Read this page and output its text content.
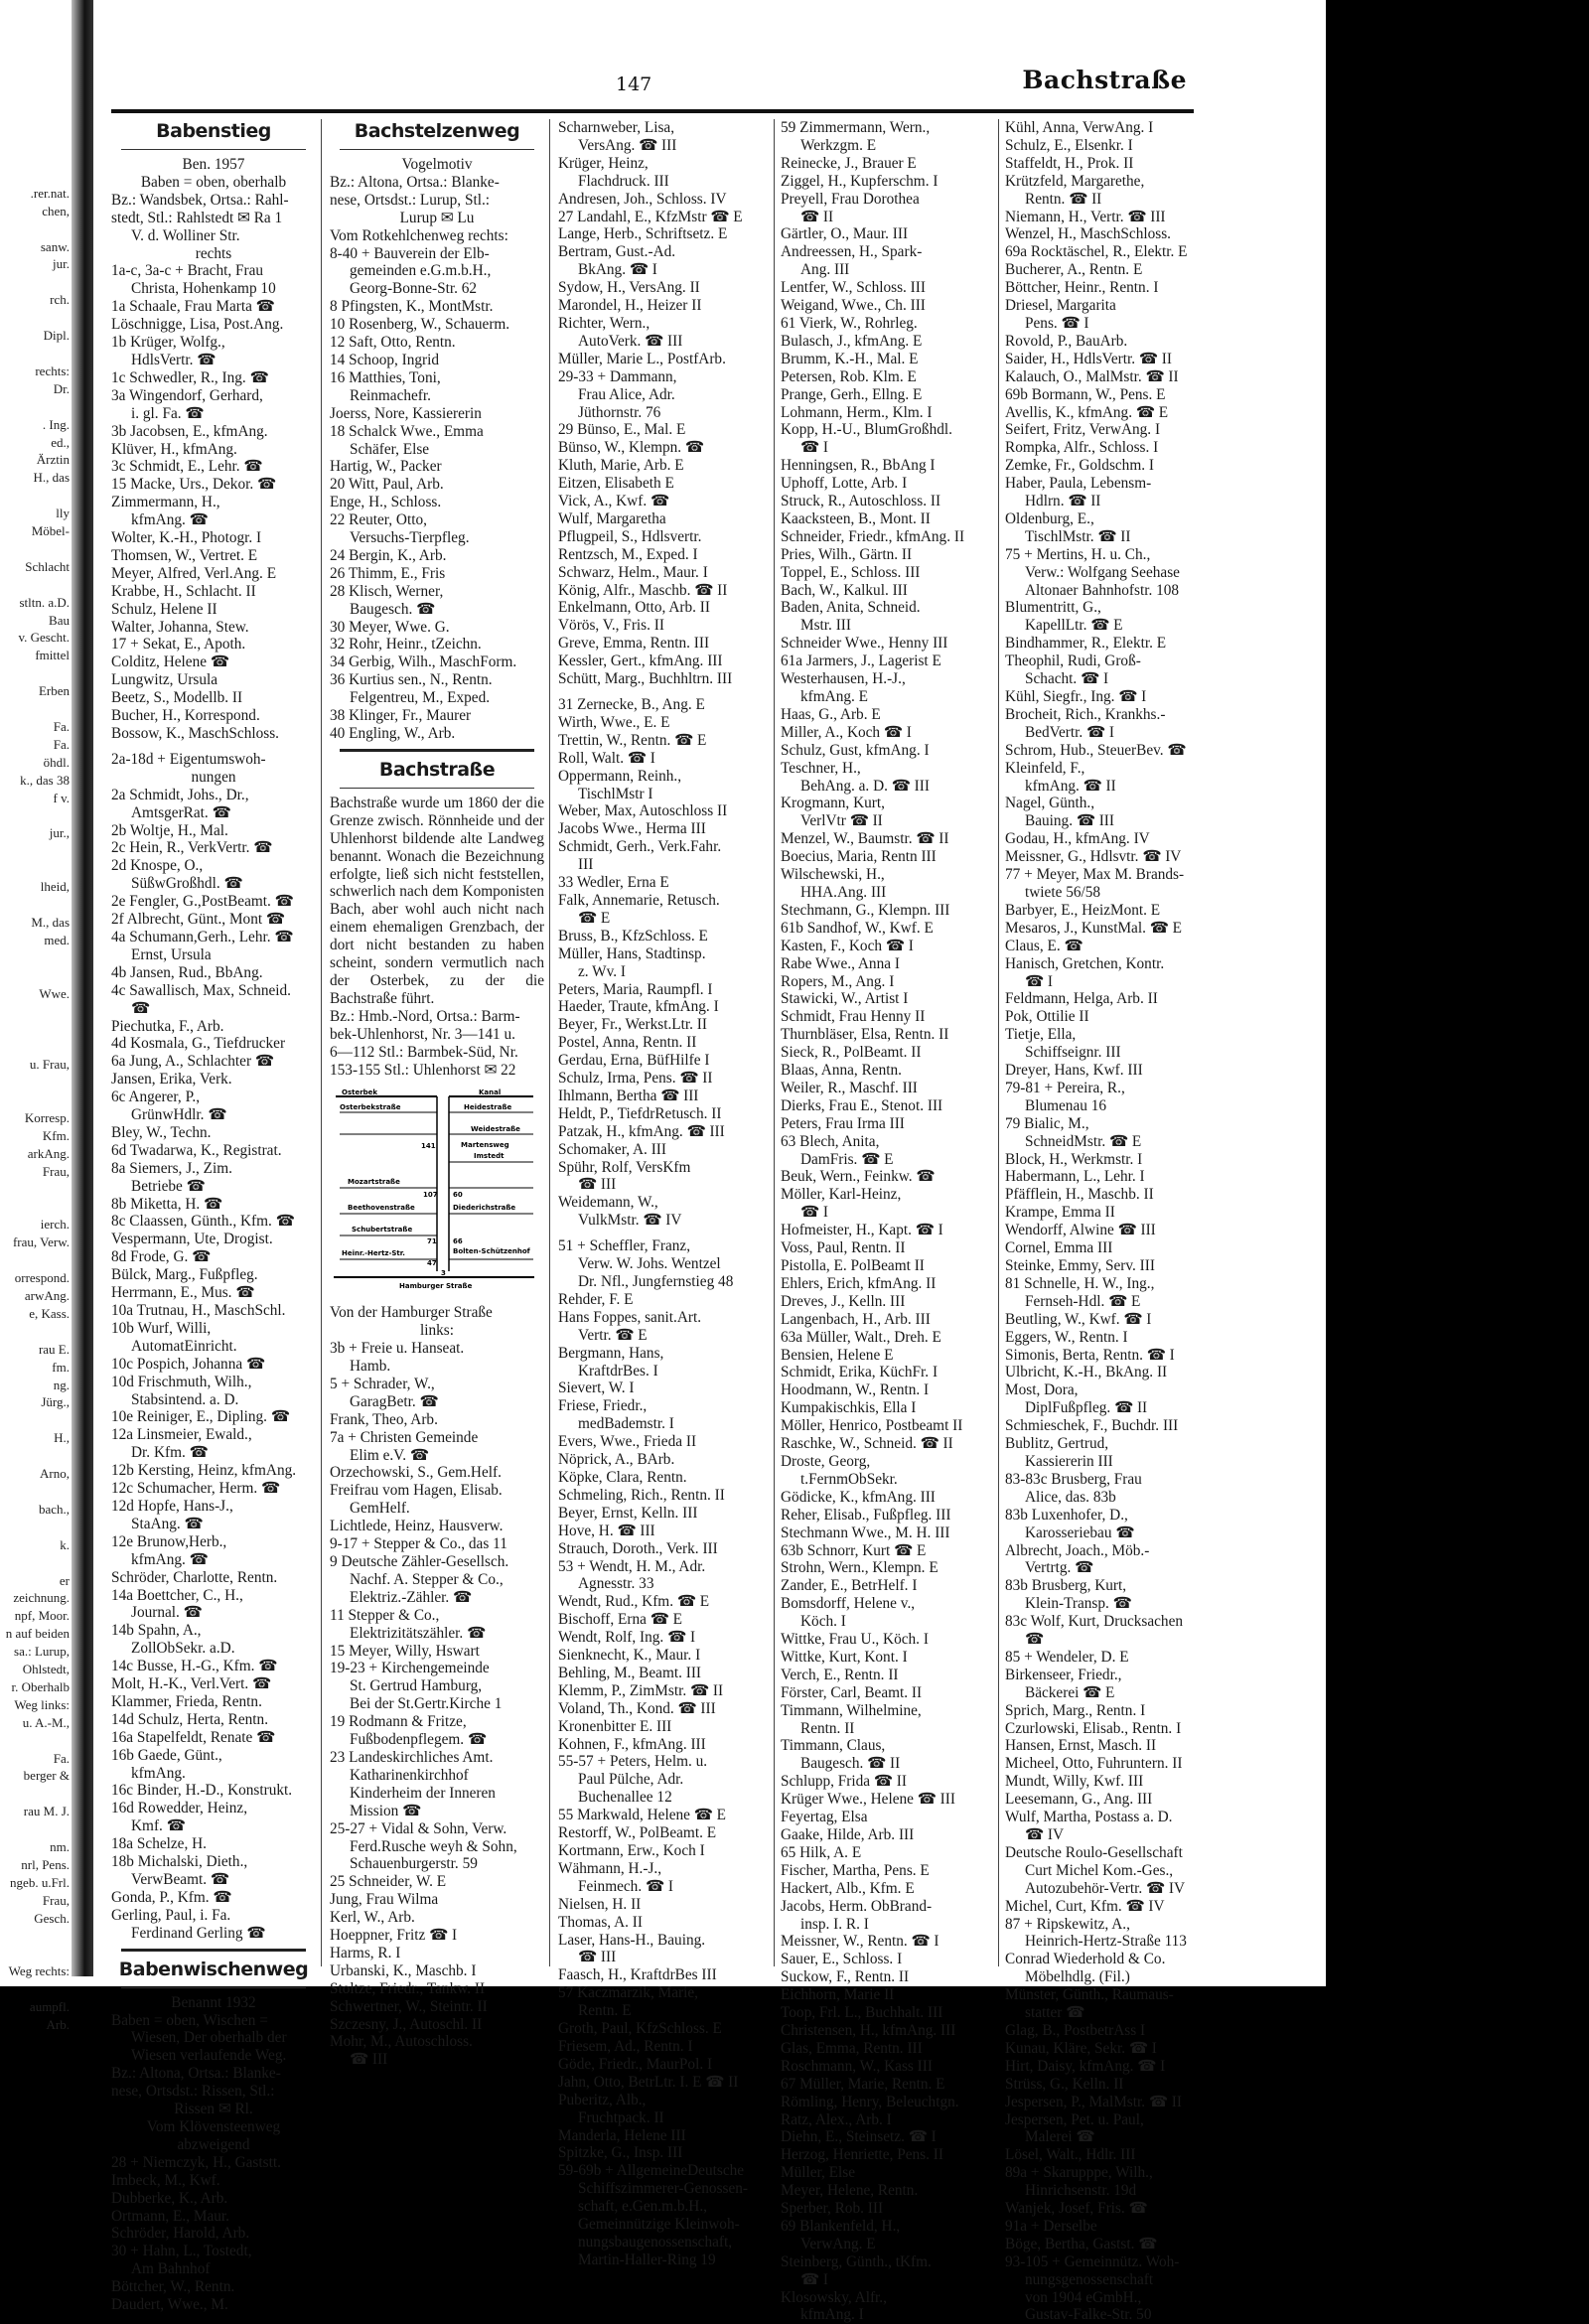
.rer.nat.
chen,

sanw.
jur.

rch.

Dipl.

rechts:
Dr.

. Ing.
ed.,
Ärztin
H., das

lly
Möbel-

Schlacht

stltn. a.D.
Bau
v. Gescht.
fmittel

Erben

Fa.
Fa.
öhdl.
k., das 38
f v.

jur.,

lheid,

M., das
med.

Wwe.

u. Frau,

Korresp.
Kfm.
arkAng.
Frau,

ierch.
frau, Verw.

orrespond.
arwAng.
e, Kass.

rau E.
fm.
ng.
Jürg.,

H.,

Arno,

bach.,

k.

er
zeichnung.
npf, Moor.
n auf beiden
sa.: Lurup,
Ohlstedt,
r. Oberhalb
Weg links:
u. A.-M.,

Fa.
berger &

rau M. J.

nm.
nrl, Pens.
ngeb. u.Frl.
Frau,
Gesch.

Weg rechts:

aumpfl.
Arb.
147	Bachstraße
Babenstieg
Ben. 1957
Baben = oben, oberhalb
Bz.: Wandsbek, Ortsa.: Rahl-
stedt, Stl.: Rahlstedt ✉ Ra 1
V. d. Wolliner Str.
rechts
1a-c, 3a-c + Bracht, Frau
Christa, Hohenkamp 10
1a Schaale, Frau Marta ☎
Löschnigge, Lisa, Post.Ang.
1b Krüger, Wolfg.,
HdlsVertr. ☎
1c Schwedler, R., Ing. ☎
3a Wingendorf, Gerhard,
i. gl. Fa. ☎
3b Jacobsen, E., kfmAng.
Klüver, H., kfmAng.
3c Schmidt, E., Lehr. ☎
15 Macke, Urs., Dekor. ☎
Zimmermann, H.,
kfmAng. ☎
Wolter, K.-H., Photogr. I
Thomsen, W., Vertret. E
Meyer, Alfred, Verl.Ang. E
Krabbe, H., Schlacht. II
Schulz, Helene II
Walter, Johanna, Stew.
17 + Sekat, E., Apoth.
Colditz, Helene ☎
Lungwitz, Ursula
Beetz, S., Modellb. II
Bucher, H., Korrespond.
Bossow, K., MaschSchloss.
2a-18d + Eigentumswoh-
nungen
2a Schmidt, Johs., Dr.,
AmtsgerRat. ☎
2b Woltje, H., Mal.
2c Hein, R., VerkVertr. ☎
2d Knospe, O.,
SüßwGroßhdl. ☎
2e Fengler, G.,PostBeamt. ☎
2f Albrecht, Günt., Mont ☎
4a Schumann,Gerh., Lehr. ☎
Ernst, Ursula
4b Jansen, Rud., BbAng.
4c Sawallisch, Max, Schneid.
☎
Piechutka, F., Arb.
4d Kosmala, G., Tiefdrucker
6a Jung, A., Schlachter ☎
Jansen, Erika, Verk.
6c Angerer, P.,
GrünwHdlr. ☎
Bley, W., Techn.
6d Twadarwa, K., Registrat.
8a Siemers, J., Zim.
Betriebe ☎
8b Miketta, H. ☎
8c Claassen, Günth., Kfm. ☎
Vespermann, Ute, Drogist.
8d Frode, G. ☎
Bülck, Marg., Fußpfleg.
Herrmann, E., Mus. ☎
10a Trutnau, H., MaschSchl.
10b Wurf, Willi,
AutomatEinricht.
10c Pospich, Johanna ☎
10d Frischmuth, Wilh.,
Stabsintend. a. D.
10e Reiniger, E., Dipling. ☎
12a Linsmeier, Ewald.,
Dr. Kfm. ☎
12b Kersting, Heinz, kfmAng.
12c Schumacher, Herm. ☎
12d Hopfe, Hans-J.,
StaAng. ☎
12e Brunow,Herb.,
kfmAng. ☎
Schröder, Charlotte, Rentn.
14a Boettcher, C., H.,
Journal. ☎
14b Spahn, A.,
ZollObSekr. a.D.
14c Busse, H.-G., Kfm. ☎
Molt, H.-K., Verl.Vert. ☎
Klammer, Frieda, Rentn.
14d Schulz, Herta, Rentn.
16a Stapelfeldt, Renate ☎
16b Gaede, Günt.,
kfmAng.
16c Binder, H.-D., Konstrukt.
16d Rowedder, Heinz,
Kmf. ☎
18a Schelze, H.
18b Michalski, Dieth.,
VerwBeamt. ☎
Gonda, P., Kfm. ☎
Gerling, Paul, i. Fa.
Ferdinand Gerling ☎
Babenwischenweg
Benannt 1932
Baben = oben, Wischen =
Wiesen, Der oberhalb der
Wiesen verlaufende Weg.
Bz.: Altona, Ortsa.: Blanke-
nese, Ortsdst.: Rissen, Stl.:
Rissen ✉ Rl.
Vom Klövensteenweg
abzweigend
28 + Niemczyk, H., Gaststt.
Imbeck, M., Kwf.
Dubberke, K., Arb.
Ortmann, E., Maur.
Schröder, Harold, Arb.
30 + Hahn, L., Tostedt,
Am Bahnhof
Böttcher, W., Rentn.
Daudert, Wwe., M.
Bachstelzenweg
Vogelmotiv
Bz.: Altona, Ortsa.: Blanke-
nese, Ortsdst.: Lurup, Stl.:
Lurup ✉ Lu
Vom Rotkehlchenweg rechts:
8-40 + Bauverein der Elb-
gemeinden e.G.m.b.H.,
Georg-Bonne-Str. 62
8 Pfingsten, K., MontMstr.
10 Rosenberg, W., Schauerm.
12 Saft, Otto, Rentn.
14 Schoop, Ingrid
16 Matthies, Toni,
Reinmachefr.
Joerss, Nore, Kassiererin
18 Schalck Wwe., Emma
Schäfer, Else
Hartig, W., Packer
20 Witt, Paul, Arb.
Enge, H., Schloss.
22 Reuter, Otto,
Versuchs-Tierpfleg.
24 Bergin, K., Arb.
26 Thimm, E., Fris
28 Klisch, Werner,
Baugesch. ☎
30 Meyer, Wwe. G.
32 Rohr, Heinr., tZeichn.
34 Gerbig, Wilh., MaschForm.
36 Kurtius sen., N., Rentn.
Felgentreu, M., Exped.
38 Klinger, Fr., Maurer
40 Engling, W., Arb.
Bachstraße
Bachstraße wurde um 1860 der die Grenze zwisch. Rönnheide und der Uhlenhorst bildende alte Landweg benannt. Wonach die Bezeichnung erfolgte, ließ sich nicht feststellen, schwerlich nach dem Komponisten Bach, aber wohl auch nicht nach einem ehemaligen Grenzbach, der dort nicht bestanden zu haben scheint, sondern vermutlich nach der Osterbek, zu der die Bachstraße führt.
Bz.: Hmb.-Nord, Ortsa.: Barm-
bek-Uhlenhorst, Nr. 3—141 u.
6—112 Stl.: Barmbek-Süd, Nr.
153-155 Stl.: Uhlenhorst ✉ 22
Osterbek	Kanal
Osterbekstraße	Heidestraße
Weidestraße
141	Martensweg
Imstedt
Mozartstraße
107 60
Beethovenstraße	Diederichstraße
Schubertstraße
71
Heinr.-Hertz-Str.
47
66
Bolten-Schützenhof
3
Hamburger Straße
Von der Hamburger Straße
links:
3b + Freie u. Hanseat.
Hamb.
5 + Schrader, W.,
GaragBetr. ☎
Frank, Theo, Arb.
7a + Christen Gemeinde
Elim e.V. ☎
Orzechowski, S., Gem.Helf.
Freifrau vom Hagen, Elisab.
GemHelf.
Lichtlede, Heinz, Hausverw.
9-17 + Stepper & Co., das 11
9 Deutsche Zähler-Gesellsch.
Nachf. A. Stepper & Co.,
Elektriz.-Zähler. ☎
11 Stepper & Co.,
Elektrizitätszähler. ☎
15 Meyer, Willy, Hswart
19-23 + Kirchengemeinde
St. Gertrud Hamburg,
Bei der St.Gertr.Kirche 1
19 Rodmann & Fritze,
Fußbodenpflegem. ☎
23 Landeskirchliches Amt.
Katharinenkirchhof
Kinderheim der Inneren
Mission ☎
25-27 + Vidal & Sohn, Verw.
Ferd.Rusche weyh & Sohn,
Schauenburgerstr. 59
25 Schneider, W. E
Jung, Frau Wilma
Kerl, W., Arb.
Hoeppner, Fritz ☎ I
Harms, R. I
Urbanski, K., Maschb. I
Stoltze, Friedr., Tankw. II
Schwertner, W., Steintr. II
Szczesny, J., Autoschl. II
Mohr, M., Autoschloss.
☎ III
Scharnweber, Lisa,
VersAng. ☎ III
Krüger, Heinz,
Flachdruck. III
Andresen, Joh., Schloss. IV
27 Landahl, E., KfzMstr ☎ E
Lange, Herb., Schriftsetz. E
Bertram, Gust.-Ad.
BkAng. ☎ I
Sydow, H., VersAng. II
Marondel, H., Heizer II
Richter, Wern.,
AutoVerk. ☎ III
Müller, Marie L., PostfArb.
29-33 + Dammann,
Frau Alice, Adr.
Jüthornstr. 76
29 Bünso, E., Mal. E
Bünso, W., Klempn. ☎
Kluth, Marie, Arb. E
Eitzen, Elisabeth E
Vick, A., Kwf. ☎
Wulf, Margaretha
Pflugpeil, S., Hdlsvertr.
Rentzsch, M., Exped. I
Schwarz, Helm., Maur. I
König, Alfr., Maschb. ☎ II
Enkelmann, Otto, Arb. II
Vörös, V., Fris. II
Greve, Emma, Rentn. III
Kessler, Gert., kfmAng. III
Schütt, Marg., Buchhltrn. III
31 Zernecke, B., Ang. E
Wirth, Wwe., E. E
Trettin, W., Rentn. ☎ E
Roll, Walt. ☎ I
Oppermann, Reinh.,
TischlMstr I
Weber, Max, Autoschloss II
Jacobs Wwe., Herma III
Schmidt, Gerh., Verk.Fahr.
III
33 Wedler, Erna E
Falk, Annemarie, Retusch.
☎ E
Bruss, B., KfzSchloss. E
Müller, Hans, Stadtinsp.
z. Wv. I
Peters, Maria, Raumpfl. I
Haeder, Traute, kfmAng. I
Beyer, Fr., Werkst.Ltr. II
Postel, Anna, Rentn. II
Gerdau, Erna, BüfHilfe I
Schulz, Irma, Pens. ☎ II
Ihlmann, Bertha ☎ III
Heldt, P., TiefdrRetusch. II
Patzak, H., kfmAng. ☎ III
Schomaker, A. III
Spühr, Rolf, VersKfm
☎ III
Weidemann, W.,
VulkMstr. ☎ IV
51 + Scheffler, Franz,
Verw. W. Johs. Wentzel
Dr. Nfl., Jungfernstieg 48
Rehder, F. E
Hans Foppes, sanit.Art.
Vertr. ☎ E
Bergmann, Hans,
KraftdrBes. I
Sievert, W. I
Friese, Friedr.,
medBademstr. I
Evers, Wwe., Frieda II
Nöprick, A., BArb.
Köpke, Clara, Rentn.
Schmeling, Rich., Rentn. II
Beyer, Ernst, Kelln. III
Hove, H. ☎ III
Strauch, Doroth., Verk. III
53 + Wendt, H. M., Adr.
Agnesstr. 33
Wendt, Rud., Kfm. ☎ E
Bischoff, Erna ☎ E
Wendt, Rolf, Ing. ☎ I
Sienknecht, K., Maur. I
Behling, M., Beamt. III
Klemm, P., ZimMstr. ☎ II
Voland, Th., Kond. ☎ III
Kronenbitter E. III
Kohnen, F., kfmAng. III
55-57 + Peters, Helm. u.
Paul Pülche, Adr.
Buchenallee 12
55 Markwald, Helene ☎ E
Restorff, W., PolBeamt. E
Kortmann, Erw., Koch I
Wähmann, H.-J.,
Feinmech. ☎ I
Nielsen, H. II
Thomas, A. II
Laser, Hans-H., Bauing.
☎ III
Faasch, H., KraftdrBes III
57 Kaczmarzik, Marie,
Rentn. E
Groth, Paul, KfzSchloss. E
Friesem, Ad., Rentn. I
Göde, Friedr., MaurPol. I
Jahn, Otto, BetrLtr. I. E ☎ II
Puberitz, Alb.,
Fruchtpack. II
Manderla, Helene III
Spitzke, G., Insp. III
59-69b + AllgemeineDeutsche
Schiffszimmerer-Genossen-
schaft, e.Gen.m.b.H.,
Gemeinnützige Kleinwoh-
nungsbaugenossenschaft,
Martin-Haller-Ring 19
59 Zimmermann, Wern.,
Werkzgm. E
Reinecke, J., Brauer E
Ziggel, H., Kupferschm. I
Preyell, Frau Dorothea
☎ II
Gärtler, O., Maur. III
Andreessen, H., Spark-
Ang. III
Lentfer, W., Schloss. III
Weigand, Wwe., Ch. III
61 Vierk, W., Rohrleg.
Bulasch, J., kfmAng. E
Brumm, K.-H., Mal. E
Petersen, Rob. Klm. E
Prange, Gerh., Ellng. E
Lohmann, Herm., Klm. I
Kopp, H.-U., BlumGroßhdl.
☎ I
Henningsen, R., BbAng I
Uphoff, Lotte, Arb. I
Struck, R., Autoschloss. II
Kaacksteen, B., Mont. II
Schneider, Friedr., kfmAng. II
Pries, Wilh., Gärtn. II
Toppel, E., Schloss. III
Bach, W., Kalkul. III
Baden, Anita, Schneid.
Mstr. III
Schneider Wwe., Henny III
61a Jarmers, J., Lagerist E
Westerhausen, H.-J.,
kfmAng. E
Haas, G., Arb. E
Miller, A., Koch ☎ I
Schulz, Gust, kfmAng. I
Teschner, H.,
BehAng. a. D. ☎ III
Krogmann, Kurt,
VerlVtr ☎ II
Menzel, W., Baumstr. ☎ II
Boecius, Maria, Rentn III
Wilschewski, H.,
HHA.Ang. III
Stechmann, G., Klempn. III
61b Sandhof, W., Kwf. E
Kasten, F., Koch ☎ I
Rabe Wwe., Anna I
Ropers, M., Ang. I
Stawicki, W., Artist I
Schmidt, Frau Henny II
Thurnbläser, Elsa, Rentn. II
Sieck, R., PolBeamt. II
Blaas, Anna, Rentn.
Weiler, R., Maschf. III
Dierks, Frau E., Stenot. III
Peters, Frau Irma III
63 Blech, Anita,
DamFris. ☎ E
Beuk, Wern., Feinkw. ☎
Möller, Karl-Heinz,
☎ I
Hofmeister, H., Kapt. ☎ I
Voss, Paul, Rentn. II
Pistolla, E. PolBeamt II
Ehlers, Erich, kfmAng. II
Dreves, J., Kelln. III
Langenbach, H., Arb. III
63a Müller, Walt., Dreh. E
Bensien, Helene E
Schmidt, Erika, KüchFr. I
Hoodmann, W., Rentn. I
Kumpakischkis, Ella I
Möller, Henrico, Postbeamt II
Raschke, W., Schneid. ☎ II
Droste, Georg,
t.FernmObSekr.
Gödicke, K., kfmAng. III
Reher, Elisab., Fußpfleg. III
Stechmann Wwe., M. H. III
63b Schnorr, Kurt ☎ E
Strohn, Wern., Klempn. E
Zander, E., BetrHelf. I
Bomsdorff, Helene v.,
Köch. I
Wittke, Frau U., Köch. I
Wittke, Kurt, Kont. I
Verch, E., Rentn. II
Förster, Carl, Beamt. II
Timmann, Wilhelmine,
Rentn. II
Timmann, Claus,
Baugesch. ☎ II
Schlupp, Frida ☎ II
Krüger Wwe., Helene ☎ III
Feyertag, Elsa
Gaake, Hilde, Arb. III
65 Hilk, A. E
Fischer, Martha, Pens. E
Hackert, Alb., Kfm. E
Jacobs, Herm. ObBrand-
insp. I. R. I
Meissner, W., Rentn. ☎ I
Sauer, E., Schloss. I
Suckow, F., Rentn. II
Eichhorn, Marie II
Toop, Frl. L., Buchhalt. III
Christensen, H., kfmAng. III
Glas, Emma, Rentn. III
Roschmann, W., Kass III
67 Müller, Marie, Rentn. E
Römling, Henry, Beleuchtgn.
Ratz, Alex., Arb. I
Diehn, E., Steinsetz. ☎ I
Herzog, Henriette, Pens. II
Müller, Else
Meyer, Helene, Rentn.
Sperber, Rob. III
69 Blankenfeld, H.,
VerwAng. E
Steinberg, Günth., tKfm.
☎ I
Klosowsky, Alfr.,
kfmAng. I
Kühl, Anna, VerwAng. I
Schulz, E., Elsenkr. I
Staffeldt, H., Prok. II
Krützfeld, Margarethe,
Rentn. ☎ II
Niemann, H., Vertr. ☎ III
Wenzel, H., MaschSchloss.
69a Rocktäschel, R., Elektr. E
Bucherer, A., Rentn. E
Böttcher, Heinr., Rentn. I
Driesel, Margarita
Pens. ☎ I
Rovold, P., BauArb.
Saider, H., HdlsVertr. ☎ II
Kalauch, O., MalMstr. ☎ II
69b Bormann, W., Pens. E
Avellis, K., kfmAng. ☎ E
Seifert, Fritz, VerwAng. I
Rompka, Alfr., Schloss. I
Zemke, Fr., Goldschm. I
Haber, Paula, Lebensm-
Hdlrn. ☎ II
Oldenburg, E.,
TischlMstr. ☎ II
75 + Mertins, H. u. Ch.,
Verw.: Wolfgang Seehase
Altonaer Bahnhofstr. 108
Blumentritt, G.,
KapellLtr. ☎ E
Bindhammer, R., Elektr. E
Theophil, Rudi, Groß-
Schacht. ☎ I
Kühl, Siegfr., Ing. ☎ I
Brocheit, Rich., Krankhs.-
BedVertr. ☎ I
Schrom, Hub., SteuerBev. ☎
Kleinfeld, F.,
kfmAng. ☎ II
Nagel, Günth.,
Bauing. ☎ III
Godau, H., kfmAng. IV
Meissner, G., Hdlsvtr. ☎ IV
77 + Meyer, Max M. Brands-
twiete 56/58
Barbyer, E., HeizMont. E
Mesaros, J., KunstMal. ☎ E
Claus, E. ☎
Hanisch, Gretchen, Kontr.
☎ I
Feldmann, Helga, Arb. II
Pok, Ottilie II
Tietje, Ella,
Schiffseignr. III
Dreyer, Hans, Kwf. III
79-81 + Pereira, R.,
Blumenau 16
79 Bialic, M.,
SchneidMstr. ☎ E
Block, H., Werkmstr. I
Habermann, L., Lehr. I
Pfäfflein, H., Maschb. II
Krampe, Emma II
Wendorff, Alwine ☎ III
Cornel, Emma III
Steinke, Emmy, Serv. III
81 Schnelle, H. W., Ing.,
Fernseh-Hdl. ☎ E
Beutling, W., Kwf. ☎ I
Eggers, W., Rentn. I
Simonis, Berta, Rentn. ☎ I
Ulbricht, K.-H., BkAng. II
Most, Dora,
DiplFußpfleg. ☎ II
Schmieschek, F., Buchdr. III
Bublitz, Gertrud,
Kassiererin III
83-83c Brusberg, Frau
Alice, das. 83b
83b Luxenhofer, D.,
Karosseriebau ☎
Albrecht, Joach., Möb.-
Vertrtg. ☎
83b Brusberg, Kurt,
Klein-Transp. ☎
83c Wolf, Kurt, Drucksachen
☎
85 + Wendeler, D. E
Birkenseer, Friedr.,
Bäckerei ☎ E
Sprich, Marg., Rentn. I
Czurlowski, Elisab., Rentn. I
Hansen, Ernst, Masch. II
Micheel, Otto, Fuhruntern. II
Mundt, Willy, Kwf. III
Leesemann, G., Ang. III
Wulf, Martha, Postass a. D.
☎ IV
Deutsche Roulo-Gesellschaft
Curt Michel Kom.-Ges.,
Autozubehör-Vertr. ☎ IV
Michel, Curt, Kfm. ☎ IV
87 + Ripskewitz, A.,
Heinrich-Hertz-Straße 113
Conrad Wiederhold & Co.
Möbelhdlg. (Fil.)
Münster, Günth., Raumaus-
statter ☎
Glag, B., PostbetrAss I
Kunau, Kläre, Sekr. ☎ I
Hirt, Daisy, kfmAng. ☎ I
Strüss, G., Kelln. II
Jespersen, P., MalMstr. ☎ II
Jespersen, Pet. u. Paul,
Malerei ☎
Lösel, Walt., Hdlr. III
89a + Skarupppe, Wilh.,
Hinrichsenstr. 19d
Wanjek, Josef, Fris. ☎
91a + Derselbe
Böge, Bertha, Gastst. ☎
93-105 + Gemeinnütz. Woh-
nungsgenossenschaft
von 1904 eGmbH.,
Gustav-Falke-Str. 50
